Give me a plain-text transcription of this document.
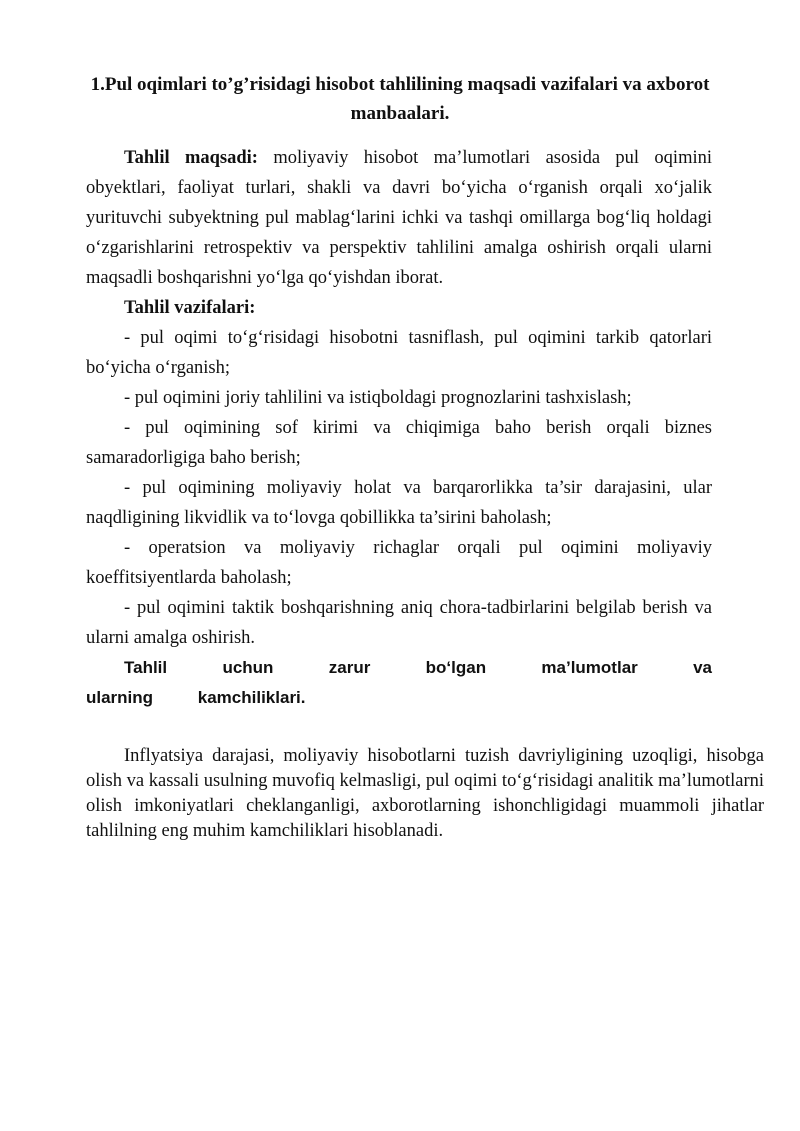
1.Pul oqimlari to’g’risidagi hisobot tahlilining maqsadi vazifalari va axborot manbaalari.

Tahlil maqsadi: moliyaviy hisobot ma’lumotlari asosida pul oqimini obyektlari, faoliyat turlari, shakli va davri bo‘yicha o‘rganish orqali xo‘jalik yurituvchi subyektning pul mablag‘larini ichki va tashqi omillarga bog‘liq holdagi o‘zgarishlarini retrospektiv va perspektiv tahlilini amalga oshirish orqali ularni maqsadli boshqarishni yo‘lga qo‘yishdan iborat.

Tahlil vazifalari:

- pul oqimi to‘g‘risidagi hisobotni tasniflash, pul oqimini tarkib qatorlari bo‘yicha o‘rganish;

- pul oqimini joriy tahlilini va istiqboldagi prognozlarini tashxislash;

- pul oqimining sof kirimi va chiqimiga baho berish orqali biznes samaradorligiga baho berish;

- pul oqimining moliyaviy holat va barqarorlikka ta’sir darajasini, ular naqdligining likvidlik va to‘lovga qobillikka ta’sirini baholash;

- operatsion va moliyaviy richaglar orqali pul oqimini moliyaviy koeffitsiyentlarda baholash;

- pul oqimini taktik boshqarishning aniq chora-tadbirlarini belgilab berish va ularni amalga oshirish.

Tahlil uchun zarur bo‘lgan ma’lumotlar va ularning kamchiliklari.

Inflyatsiya darajasi, moliyaviy hisobotlarni tuzish davriyligining uzoqligi, hisobga olish va kassali usulning muvofiq kelmasligi, pul oqimi to‘g‘risidagi analitik ma’lumotlarni olish imkoniyatlari cheklanganligi, axborotlarning ishonchligidagi muammoli jihatlar tahlilning eng muhim kamchiliklari hisoblanadi.
